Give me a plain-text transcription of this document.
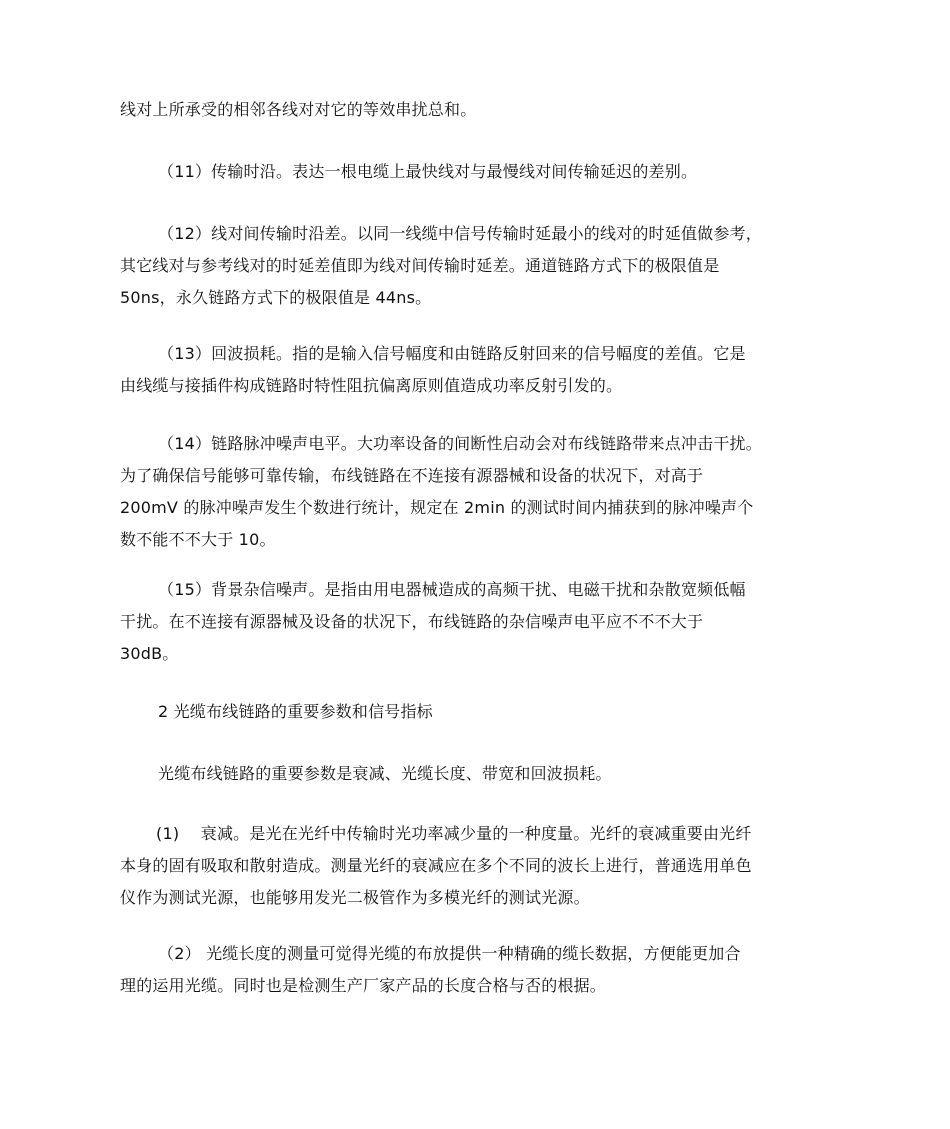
线对上所承受的相邻各线对对它的等效串扰总和。

（11）传输时沿。表达一根电缆上最快线对与最慢线对间传输延迟的差别。

（12）线对间传输时沿差。以同一线缆中信号传输时延最小的线对的时延值做参考，
其它线对与参考线对的时延差值即为线对间传输时延差。通道链路方式下的极限值是
50ns，永久链路方式下的极限值是 44ns。

（13）回波损耗。指的是输入信号幅度和由链路反射回来的信号幅度的差值。它是
由线缆与接插件构成链路时特性阻抗偏离原则值造成功率反射引发的。

（14）链路脉冲噪声电平。大功率设备的间断性启动会对布线链路带来点冲击干扰。
为了确保信号能够可靠传输，布线链路在不连接有源器械和设备的状况下，对高于
200mV 的脉冲噪声发生个数进行统计，规定在 2min 的测试时间内捕获到的脉冲噪声个
数不能不不大于 10。

（15）背景杂信噪声。是指由用电器械造成的高频干扰、电磁干扰和杂散宽频低幅
干扰。在不连接有源器械及设备的状况下，布线链路的杂信噪声电平应不不不大于
30dB。

2 光缆布线链路的重要参数和信号指标

光缆布线链路的重要参数是衰减、光缆长度、带宽和回波损耗。

(1)　 衰减。是光在光纤中传输时光功率减少量的一种度量。光纤的衰减重要由光纤
本身的固有吸取和散射造成。测量光纤的衰减应在多个不同的波长上进行，普通选用单色
仪作为测试光源，也能够用发光二极管作为多模光纤的测试光源。

（2） 光缆长度的测量可觉得光缆的布放提供一种精确的缆长数据，方便能更加合
理的运用光缆。同时也是检测生产厂家产品的长度合格与否的根据。
